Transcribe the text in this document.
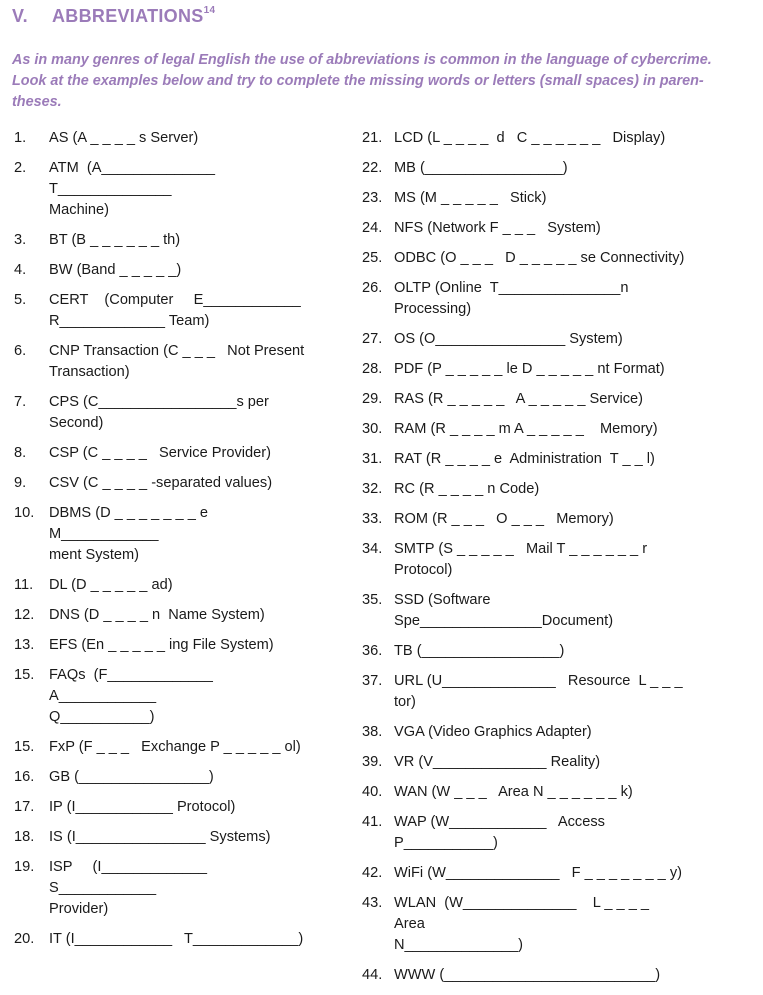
V. ABBREVIATIONS$^{14}$
As in many genres of legal English the use of abbreviations is common in the language of cybercrime. Look at the examples below and try to complete the missing words or letters (small spaces) in paren- theses.
1.	AS (A _ _ _ _ s Server)
2.	ATM  (A______________   T______________
Machine)
3.	BT (B _ _ _ _ _ _ th)
4.	BW (Band _ _ _ _ _)
5.	CERT    (Computer     E____________
R_____________ Team)
6.	CNP Transaction (C _ _ _   Not Present
Transaction)
7.	CPS (C_________________s per Second)
8.	CSP (C _ _ _ _   Service Provider)
9.	CSV (C _ _ _ _ -separated values)
10.	DBMS (D _ _ _ _ _ _ _ e M____________
ment System)
11.	DL (D _ _ _ _ _ ad)
12.	DNS (D _ _ _ _ n  Name System)
13.	EFS (En _ _ _ _ _ ing File System)
15.	FAQs  (F_____________     A____________
Q___________)
15.	FxP (F _ _ _   Exchange P _ _ _ _ _ ol)
16.	GB (________________)
17.	IP (I____________ Protocol)
18.	IS (I________________ Systems)
19.	ISP     (I_____________      S____________
Provider)
20.	IT (I____________   T_____________)
21. LCD (L _ _ _ _  d   C _ _ _ _ _ _   Display)
22. MB (_________________)
23. MS (M _ _ _ _ _   Stick)
24. NFS (Network F _ _ _   System)
25. ODBC (O _ _ _   D _ _ _ _ _ se Connectivity)
26. OLTP (Online  T_______________n  Processing)
27. OS (O________________ System)
28. PDF (P _ _ _ _ _ le D _ _ _ _ _ nt Format)
29. RAS (R _ _ _ _ _   A _ _ _ _ _ Service)
30. RAM (R _ _ _ _ m A _ _ _ _ _    Memory)
31. RAT (R _ _ _ _ e  Administration  T _ _ l)
32. RC (R _ _ _ _ n Code)
33. ROM (R _ _ _   O _ _ _   Memory)
34. SMTP (S _ _ _ _ _   Mail T _ _ _ _ _ _ r Protocol)
35. SSD (Software Spe_______________Document)
36. TB (_________________)
37. URL (U______________   Resource  L _ _ _ tor)
38. VGA (Video Graphics Adapter)
39. VR (V______________ Reality)
40. WAN (W _ _ _   Area N _ _ _ _ _ _ k)
41. WAP (W____________   Access P___________)
42. WiFi (W______________   F _ _ _ _ _ _ _ y)
43. WLAN  (W______________    L _ _ _ _       Area
N______________)
44. WWW (__________________________)
